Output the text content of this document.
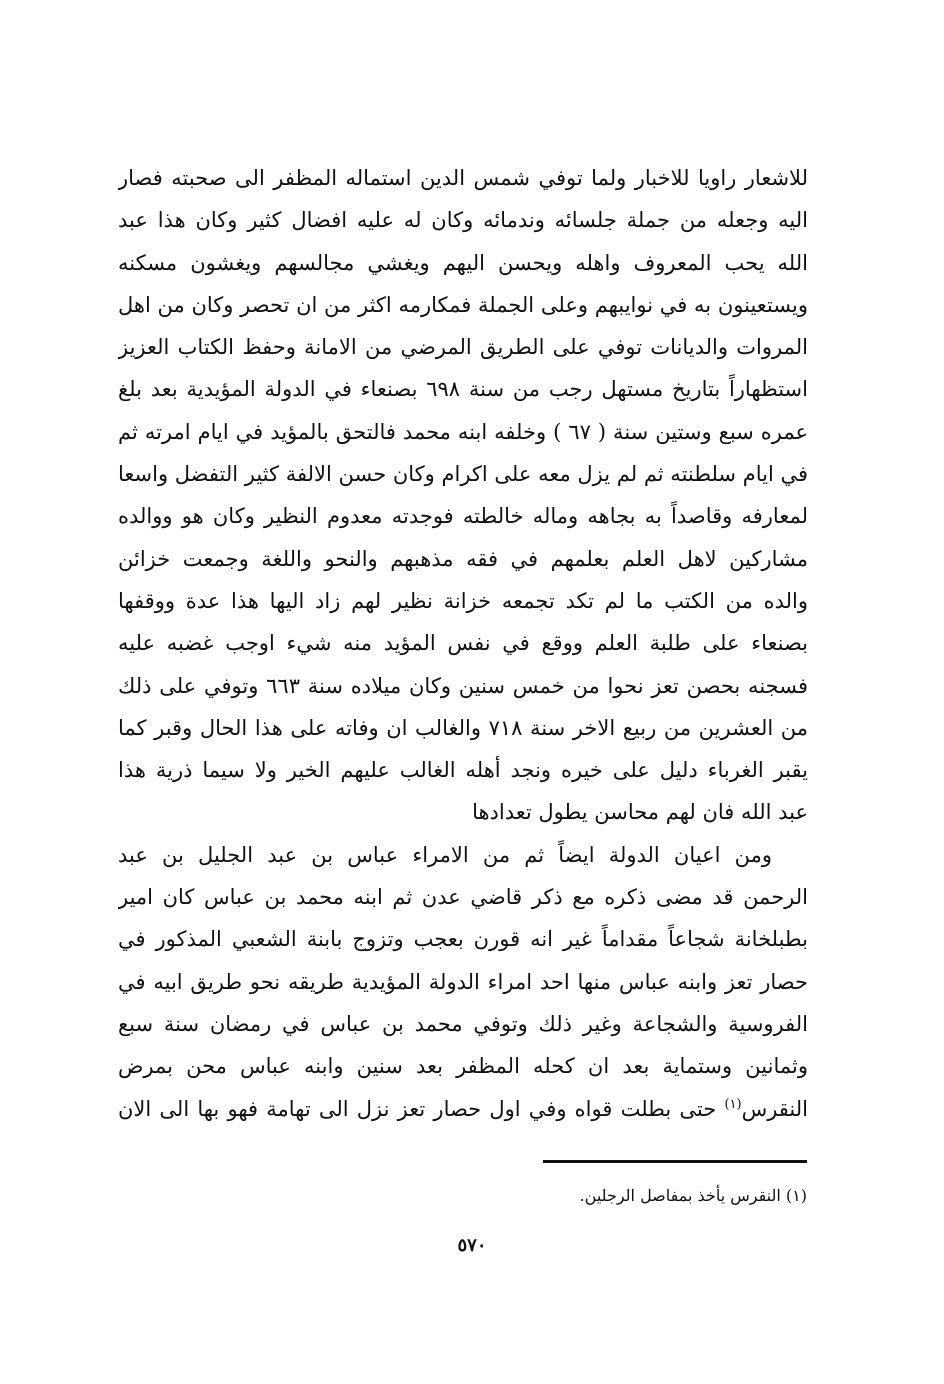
للاشعار راويا للاخبار ولما توفي شمس الدين استماله المظفر الى صحبته فصار
اليه وجعله من جملة جلسائه وندمائه وكان له عليه افضال كثير وكان هذا عبد
الله يحب المعروف واهله ويحسن اليهم ويغشي مجالسهم ويغشون مسكنه
ويستعينون به في نوايبهم وعلى الجملة فمكارمه اكثر من ان تحصر وكان من اهل
المروات والديانات توفي على الطريق المرضي من الامانة وحفظ الكتاب العزيز
استظهاراً بتاريخ مستهل رجب من سنة ٦٩٨ بصنعاء في الدولة المؤيدية بعد بلغ
عمره سبع وستين سنة ( ٦٧ ) وخلفه ابنه محمد فالتحق بالمؤيد في ايام امرته ثم
في ايام سلطنته ثم لم يزل معه على اكرام وكان حسن الالفة كثير التفضل واسعا
لمعارفه وقاصداً به بجاهه وماله خالطته فوجدته معدوم النظير وكان هو ووالده
مشاركين لاهل العلم بعلمهم في فقه مذهبهم والنحو واللغة وجمعت خزائن
والده من الكتب ما لم تكد تجمعه خزانة نظير لهم زاد اليها هذا عدة ووقفها
بصنعاء على طلبة العلم ووقع في نفس المؤيد منه شيء اوجب غضبه عليه
فسجنه بحصن تعز نحوا من خمس سنين وكان ميلاده سنة ٦٦٣ وتوفي على ذلك
من العشرين من ربيع الاخر سنة ٧١٨ والغالب ان وفاته على هذا الحال وقبر كما
يقبر الغرباء دليل على خيره ونجد أهله الغالب عليهم الخير ولا سيما ذرية هذا
عبد الله فان لهم محاسن يطول تعدادها
ومن اعيان الدولة ايضاً ثم من الامراء عباس بن عبد الجليل بن عبد
الرحمن قد مضى ذكره مع ذكر قاضي عدن ثم ابنه محمد بن عباس كان امير
بطبلخانة شجاعاً مقداماً غير انه قورن بعجب وتزوج بابنة الشعبي المذكور في
حصار تعز وابنه عباس منها احد امراء الدولة المؤيدية طريقه نحو طريق ابيه في
الفروسية والشجاعة وغير ذلك وتوفي محمد بن عباس في رمضان سنة سبع
وثمانين وستماية بعد ان كحله المظفر بعد سنين وابنه عباس محن بمرض
النقرس$^{(١)}$ حتى بطلت قواه وفي اول حصار تعز نزل الى تهامة فهو بها الى الان
(١) النقرس يأخذ بمفاصل الرجلين.
٥٧٠
